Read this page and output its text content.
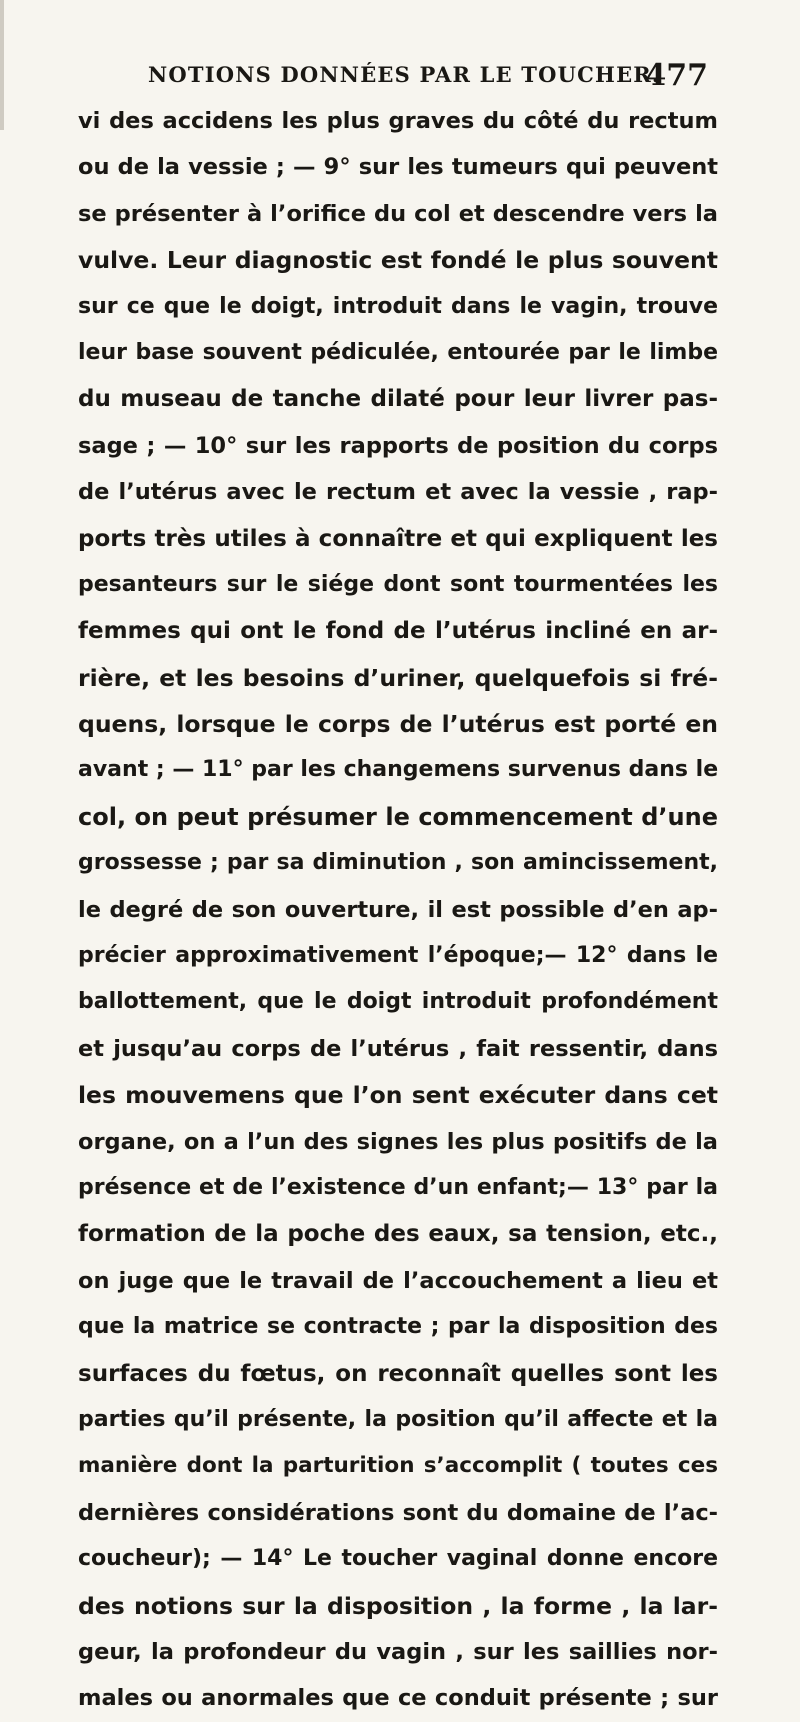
NOTIONS DONNÉES PAR LE TOUCHER.
477
vi des accidens les plus graves du côté du rectum
ou de la vessie ; — 9° sur les tumeurs qui peuvent
se présenter à l’orifice du col et descendre vers la
vulve. Leur diagnostic est fondé le plus souvent
sur ce que le doigt, introduit dans le vagin, trouve
leur base souvent pédiculée, entourée par le limbe
du museau de tanche dilaté pour leur livrer pas-
sage ; — 10° sur les rapports de position du corps
de l’utérus avec le rectum et avec la vessie , rap-
ports très utiles à connaître et qui expliquent les
pesanteurs sur le siége dont sont tourmentées les
femmes qui ont le fond de l’utérus incliné en ar-
rière, et les besoins d’uriner, quelquefois si fré-
quens, lorsque le corps de l’utérus est porté en
avant ; — 11° par les changemens survenus dans le
col, on peut présumer le commencement d’une
grossesse ; par sa diminution , son amincissement,
le degré de son ouverture, il est possible d’en ap-
précier approximativement l’époque;— 12° dans le
ballottement, que le doigt introduit profondément
et jusqu’au corps de l’utérus , fait ressentir, dans
les mouvemens que l’on sent exécuter dans cet
organe, on a l’un des signes les plus positifs de la
présence et de l’existence d’un enfant;— 13° par la
formation de la poche des eaux, sa tension, etc.,
on juge que le travail de l’accouchement a lieu et
que la matrice se contracte ; par la disposition des
surfaces du fœtus, on reconnaît quelles sont les
parties qu’il présente, la position qu’il affecte et la
manière dont la parturition s’accomplit ( toutes ces
dernières considérations sont du domaine de l’ac-
coucheur); — 14° Le toucher vaginal donne encore
des notions sur la disposition , la forme , la lar-
geur, la profondeur du vagin , sur les saillies nor-
males ou anormales que ce conduit présente ; sur
